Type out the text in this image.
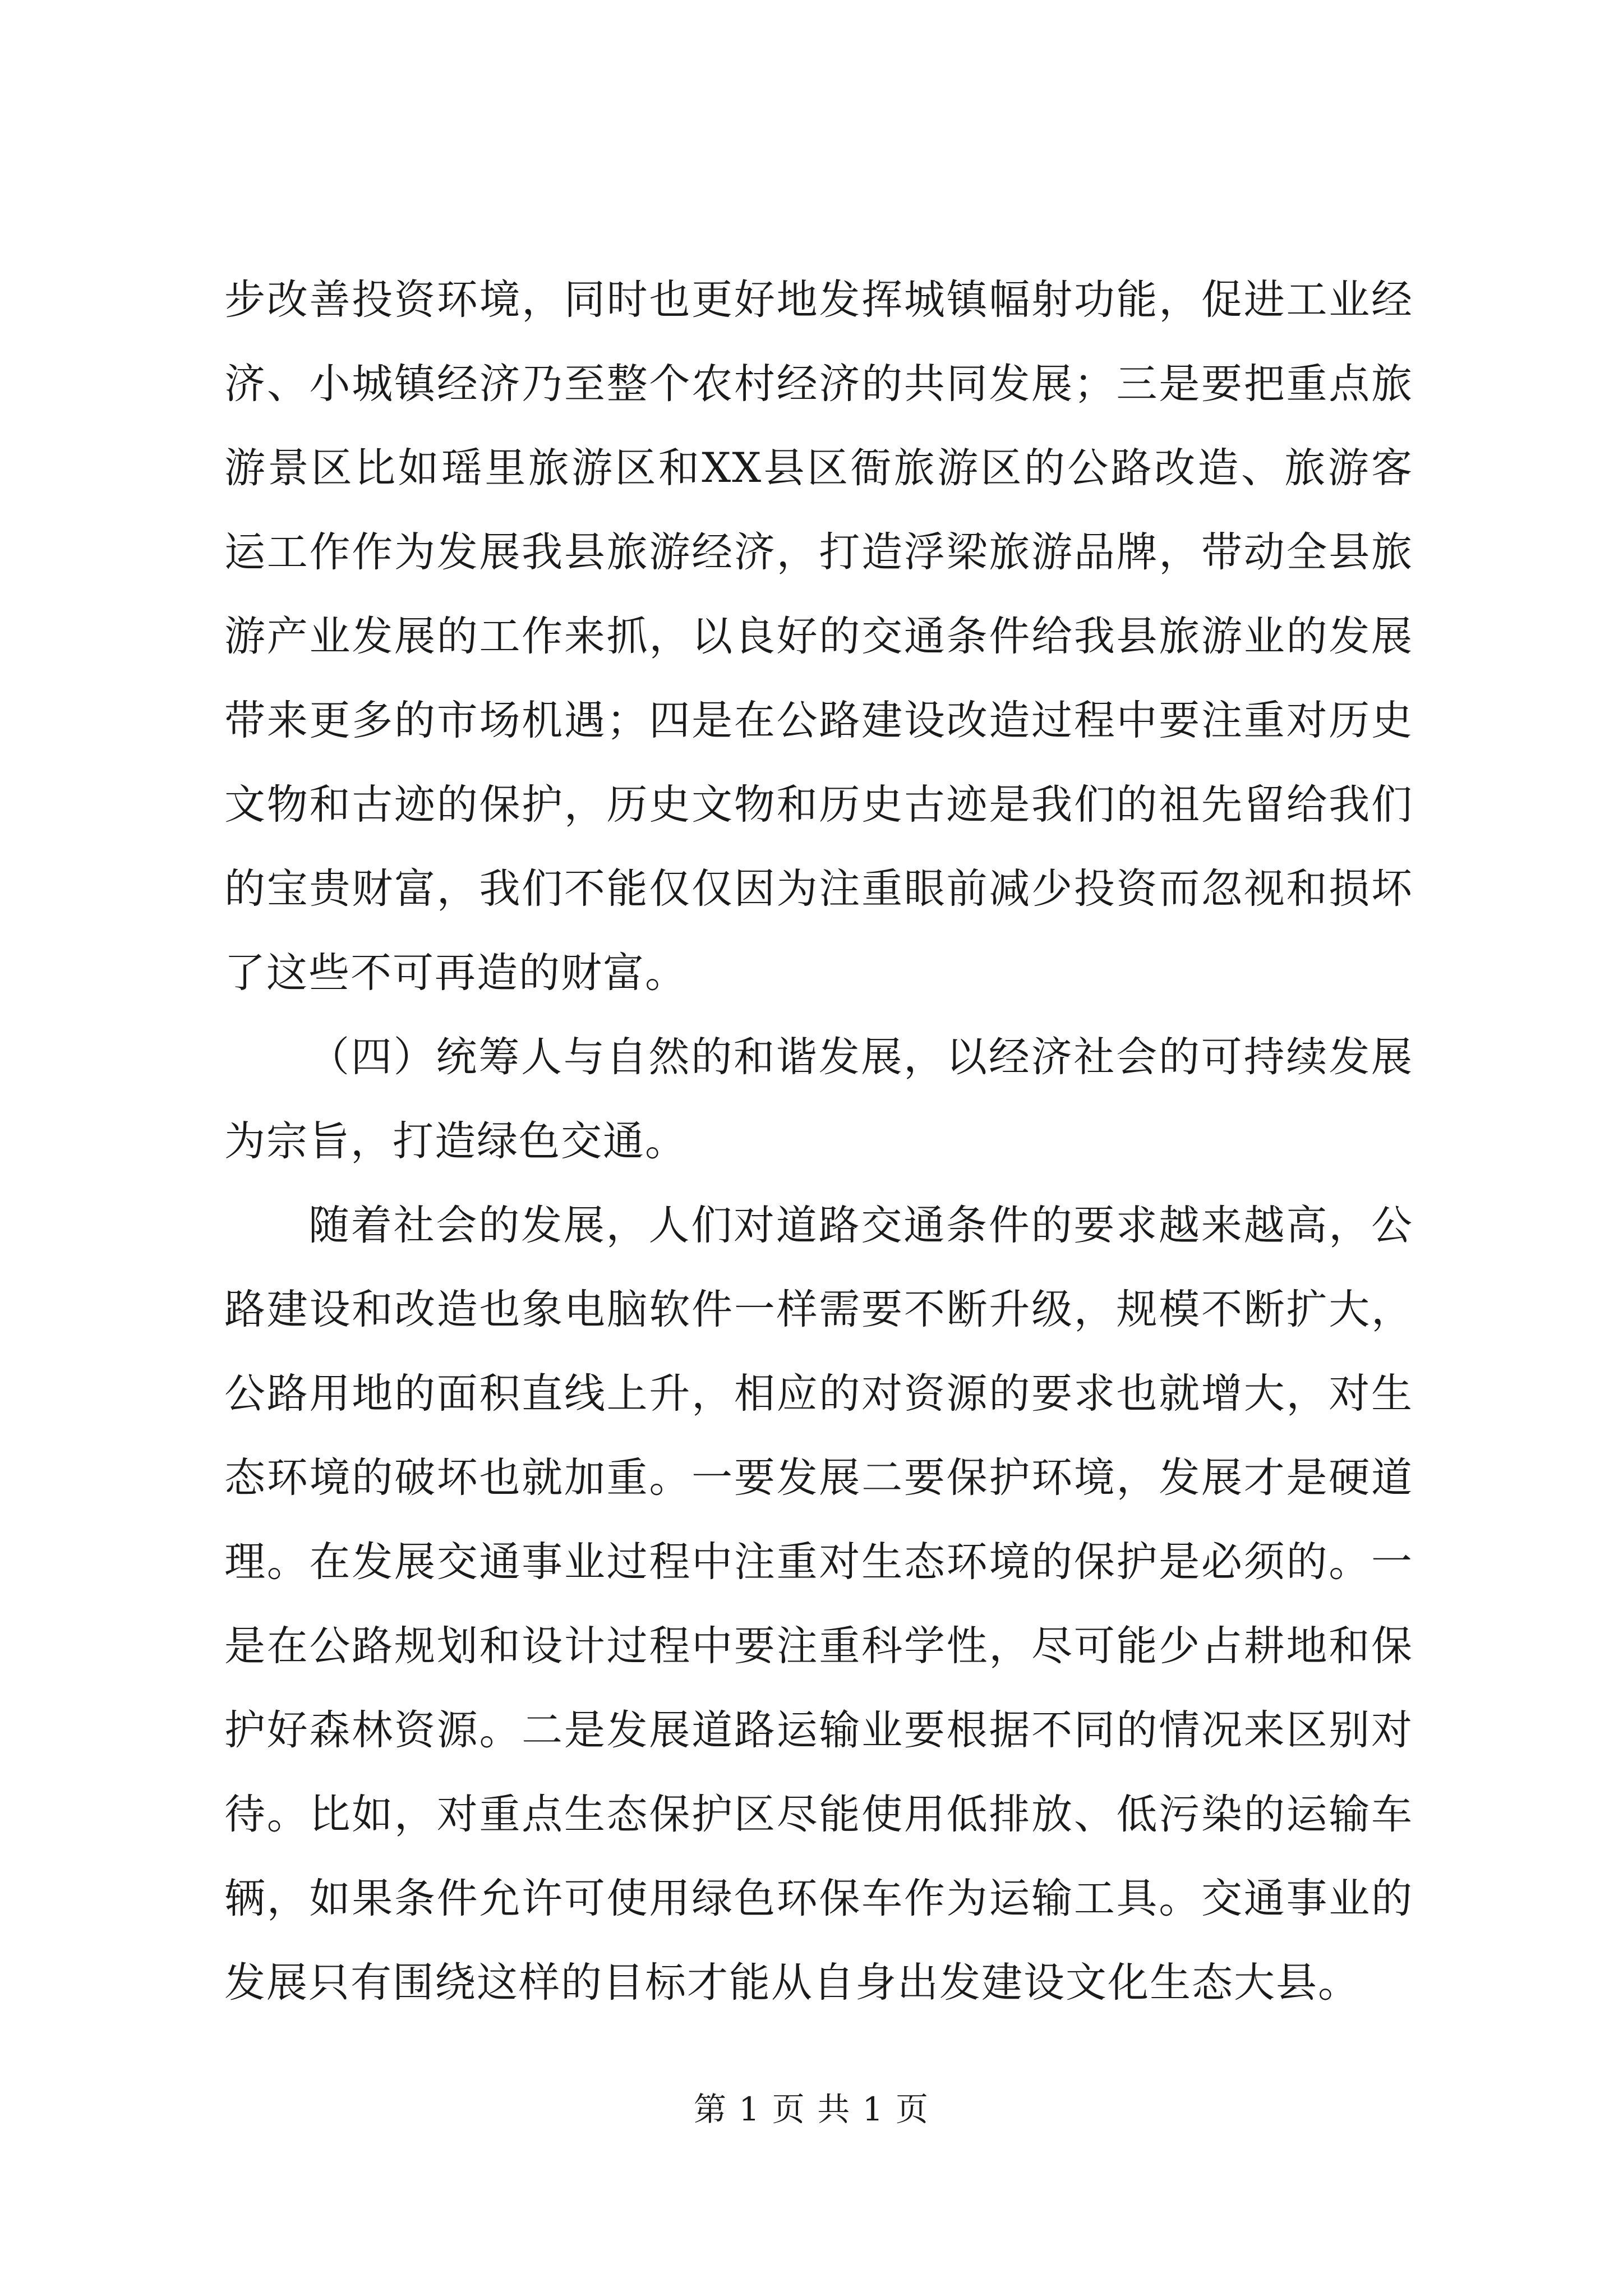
步改善投资环境，同时也更好地发挥城镇幅射功能，促进工业经
济、小城镇经济乃至整个农村经济的共同发展；三是要把重点旅
游景区比如瑶里旅游区和XX县区衙旅游区的公路改造、旅游客
运工作作为发展我县旅游经济，打造浮梁旅游品牌，带动全县旅
游产业发展的工作来抓，以良好的交通条件给我县旅游业的发展
带来更多的市场机遇；四是在公路建设改造过程中要注重对历史
文物和古迹的保护，历史文物和历史古迹是我们的祖先留给我们
的宝贵财富，我们不能仅仅因为注重眼前减少投资而忽视和损坏
了这些不可再造的财富。
（四）统筹人与自然的和谐发展，以经济社会的可持续发展
为宗旨，打造绿色交通。
随着社会的发展，人们对道路交通条件的要求越来越高，公
路建设和改造也象电脑软件一样需要不断升级，规模不断扩大，
公路用地的面积直线上升，相应的对资源的要求也就增大，对生
态环境的破坏也就加重。一要发展二要保护环境，发展才是硬道
理。在发展交通事业过程中注重对生态环境的保护是必须的。一
是在公路规划和设计过程中要注重科学性，尽可能少占耕地和保
护好森林资源。二是发展道路运输业要根据不同的情况来区别对
待。比如，对重点生态保护区尽能使用低排放、低污染的运输车
辆，如果条件允许可使用绿色环保车作为运输工具。交通事业的
发展只有围绕这样的目标才能从自身出发建设文化生态大县。
第 1 页 共 1 页
